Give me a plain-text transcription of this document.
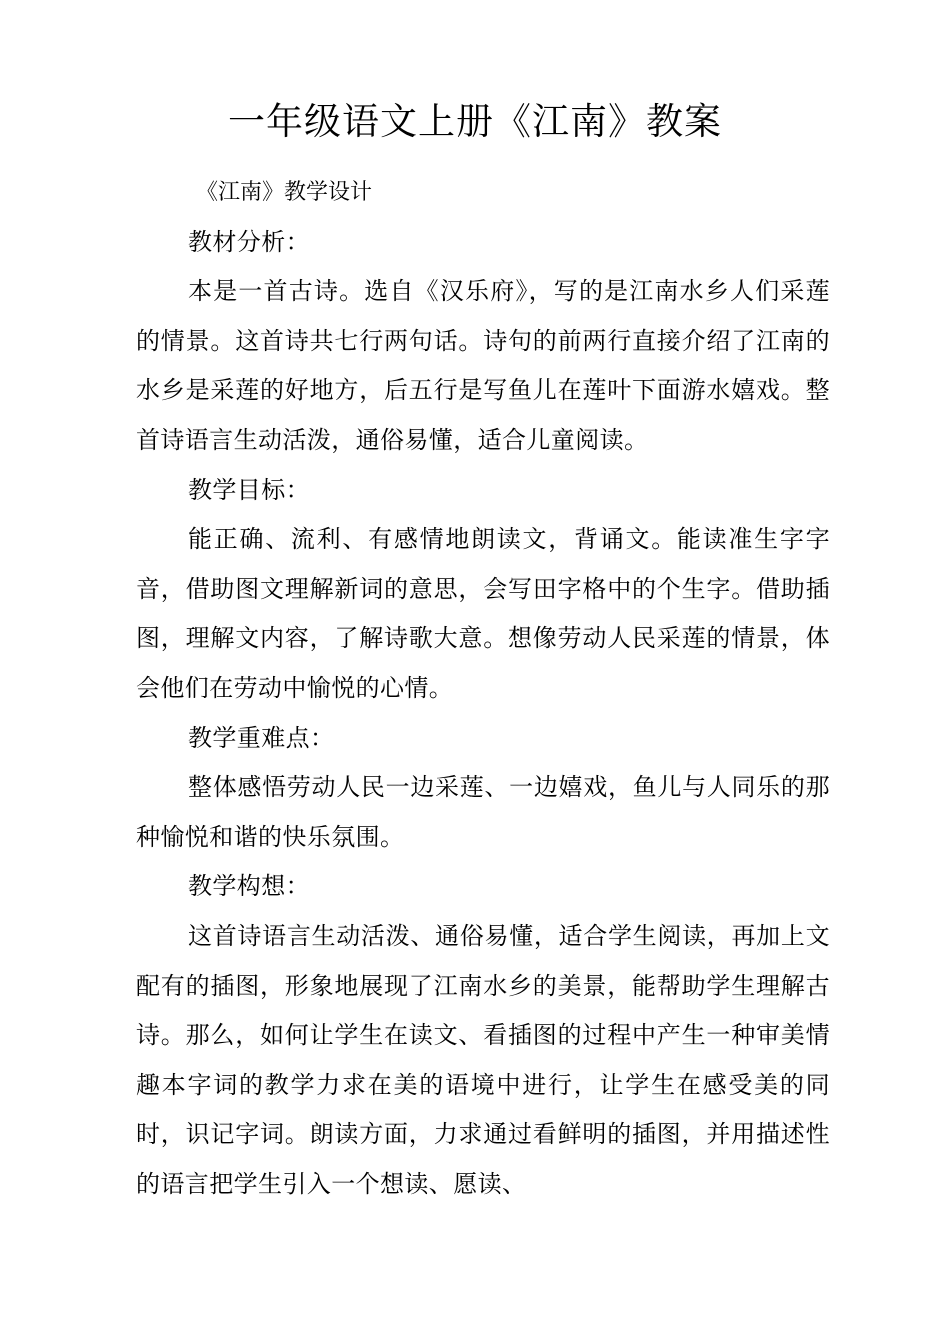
一年级语文上册《江南》教案

《江南》教学设计

教材分析：

本是一首古诗。选自《汉乐府》，写的是江南水乡人们采莲的情景。这首诗共七行两句话。诗句的前两行直接介绍了江南的水乡是采莲的好地方，后五行是写鱼儿在莲叶下面游水嬉戏。整首诗语言生动活泼，通俗易懂，适合儿童阅读。

教学目标：

能正确、流利、有感情地朗读文，背诵文。能读准生字字音，借助图文理解新词的意思，会写田字格中的个生字。借助插图，理解文内容，了解诗歌大意。想像劳动人民采莲的情景，体会他们在劳动中愉悦的心情。

教学重难点：

整体感悟劳动人民一边采莲、一边嬉戏，鱼儿与人同乐的那种愉悦和谐的快乐氛围。

教学构想：

这首诗语言生动活泼、通俗易懂，适合学生阅读，再加上文配有的插图，形象地展现了江南水乡的美景，能帮助学生理解古诗。那么，如何让学生在读文、看插图的过程中产生一种审美情趣本字词的教学力求在美的语境中进行，让学生在感受美的同时，识记字词。朗读方面，力求通过看鲜明的插图，并用描述性的语言把学生引入一个想读、愿读、
